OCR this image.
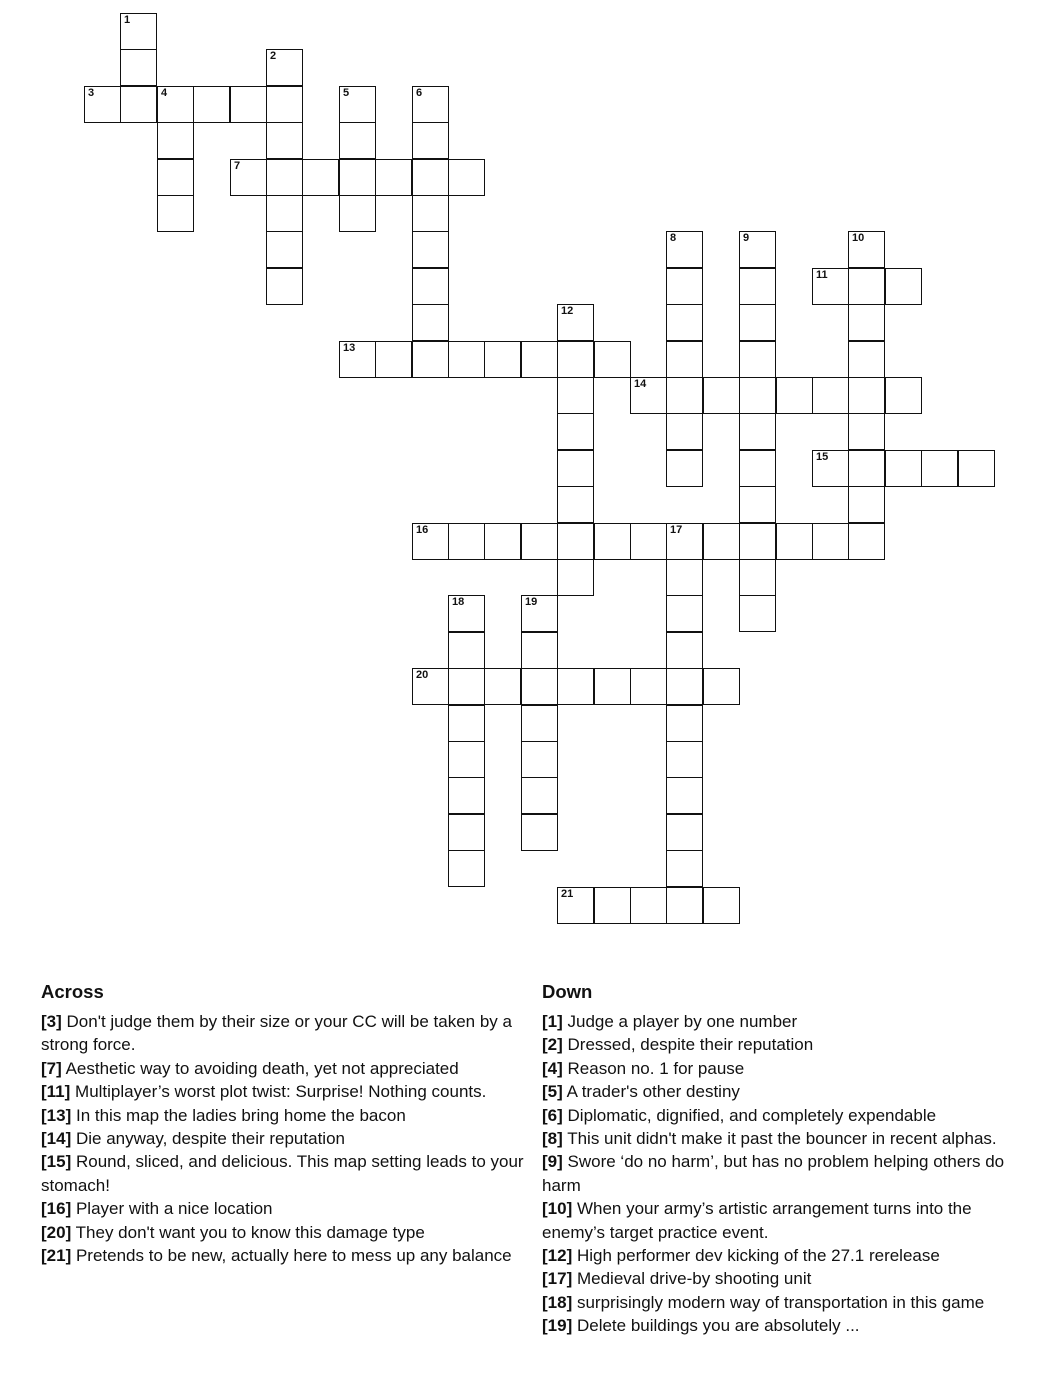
1
2
3	4	5	6
7
8	9	10
11
12
13
14
15
16	17
18	19
20
21
Across

[3] Don't judge them by their size or your CC will be taken by a strong force.

[7] Aesthetic way to avoiding death, yet not appreciated

[11] Multiplayer’s worst plot twist: Surprise! Nothing counts.

[13] In this map the ladies bring home the bacon

[14] Die anyway, despite their reputation

[15] Round, sliced, and delicious. This map setting leads to your stomach!

[16] Player with a nice location

[20] They don't want you to know this damage type

[21] Pretends to be new, actually here to mess up any balance

Down

[1] Judge a player by one number

[2] Dressed, despite their reputation

[4] Reason no. 1 for pause

[5] A trader's other destiny

[6] Diplomatic, dignified, and completely expendable

[8] This unit didn't make it past the bouncer in recent alphas.

[9] Swore ‘do no harm’, but has no problem helping others do harm

[10] When your army’s artistic arrangement turns into the enemy’s target practice event.

[12] High performer dev kicking of the 27.1 rerelease

[17] Medieval drive-by shooting unit

[18] surprisingly modern way of transportation in this game

[19] Delete buildings you are absolutely ...
